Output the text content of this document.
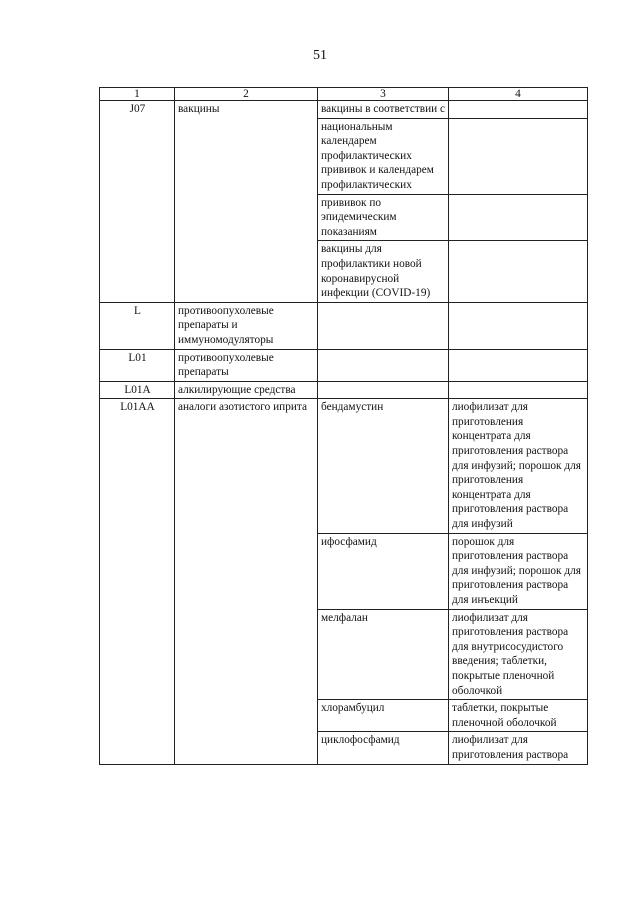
51
1	2	3	4
J07	вакцины	вакцины в соответствии с	
		национальным календарем профилактических прививок и календарем профилактических	
		прививок по эпидемическим показаниям	
		вакцины для профилактики новой коронавирусной инфекции (COVID-19)	
L	противоопухолевые препараты и иммуномодуляторы		
L01	противоопухолевые препараты		
L01A	алкилирующие средства		
L01AA	аналоги азотистого иприта	бендамустин	лиофилизат для приготовления концентрата для приготовления раствора для инфузий; порошок для приготовления концентрата для приготовления раствора для инфузий
		ифосфамид	порошок для приготовления раствора для инфузий; порошок для приготовления раствора для инъекций
		мелфалан	лиофилизат для приготовления раствора для внутрисосудистого введения; таблетки, покрытые пленочной оболочкой
		хлорамбуцил	таблетки, покрытые пленочной оболочкой
		циклофосфамид	лиофилизат для приготовления раствора
